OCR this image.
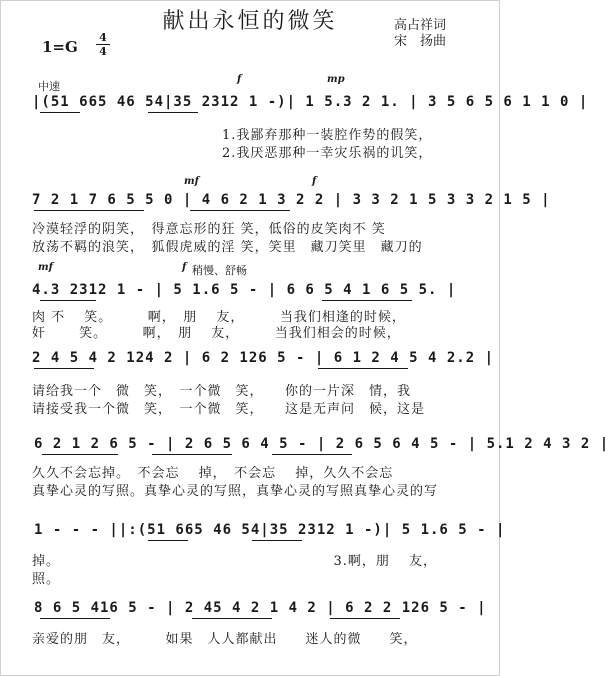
献出永恒的微笑	高占祥词
宋　扬曲
1=G
4
4
中速
f	mp
mf	f
mf	f 稍慢、舒畅
|(51 665 46 54|35 2312 1 -)| 1 5.3 2 1. | 3 5 6 5 6 1 1 0 |
1.我鄙弃那种一装腔作势的假笑，
2.我厌恶那种一幸灾乐祸的讥笑，
7 2 1 7 6 5 5 0 | 4 6 2 1 3 2 2 | 3 3 2 1 5 3 3 2 1 5 |
冷漠轻浮的阴笑，　得意忘形的狂 笑，低俗的皮笑肉不 笑
放荡不羁的浪笑，　狐假虎威的淫 笑，笑里　藏刀笑里　藏刀的
4.3 2312 1 - | 5 1.6 5 - | 6 6 5 4 1 6 5 5. |
肉 不　 笑。　　　啊，　朋　 友，　　　当我们相逢的时候，
奸　　 笑。　　　啊，　朋　 友，　　　当我们相会的时候，
2 4 5 4 2 124 2 | 6 2 126 5 - | 6 1 2 4 5 4 2.2 |
请给我一个　微　笑，　一个微　笑，　　你的一片深　情，我
请接受我一个微　笑，　一个微　笑，　　这是无声问　候，这是
6 2 1 2 6 5 - | 2 6 5 6 4 5 - | 2 6 5 6 4 5 - | 5.1 2 4 3 2 |
久久不会忘掉。　不会忘　 掉，　不会忘　 掉，久久不会忘
真挚心灵的写照。真挚心灵的写照，真挚心灵的写照真挚心灵的写
1 - - - ||:(51 665 46 54|35 2312 1 -)| 5 1.6 5 - |
掉。　　　　　　　　　　　　　　　　　　　　3.啊，朋　 友，
照。
8 6 5 416 5 - | 2 45 4 2 1 4 2 | 6 2 2 126 5 - |
亲爱的朋　友，　　　如果　人人都献出　　迷人的微　　笑，
